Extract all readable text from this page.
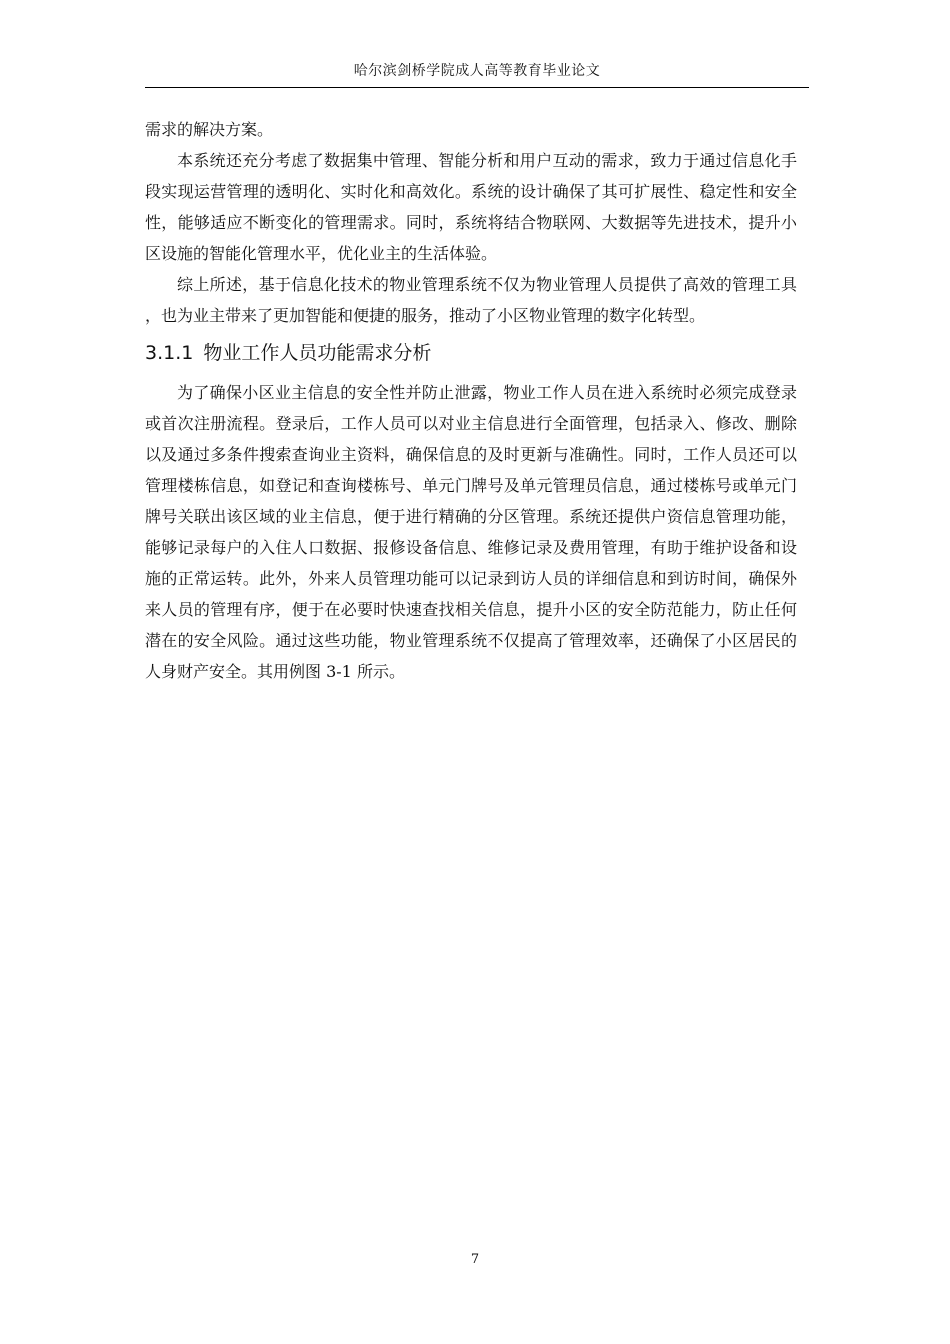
哈尔滨剑桥学院成人高等教育毕业论文

需求的解决方案。

本系统还充分考虑了数据集中管理、智能分析和用户互动的需求，致力于通过信息化手段实现运营管理的透明化、实时化和高效化。系统的设计确保了其可扩展性、稳定性和安全性，能够适应不断变化的管理需求。同时，系统将结合物联网、大数据等先进技术，提升小区设施的智能化管理水平，优化业主的生活体验。

综上所述，基于信息化技术的物业管理系统不仅为物业管理人员提供了高效的管理工具，也为业主带来了更加智能和便捷的服务，推动了小区物业管理的数字化转型。

3.1.1 物业工作人员功能需求分析

为了确保小区业主信息的安全性并防止泄露，物业工作人员在进入系统时必须完成登录或首次注册流程。登录后，工作人员可以对业主信息进行全面管理，包括录入、修改、删除以及通过多条件搜索查询业主资料，确保信息的及时更新与准确性。同时，工作人员还可以管理楼栋信息，如登记和查询楼栋号、单元门牌号及单元管理员信息，通过楼栋号或单元门牌号关联出该区域的业主信息，便于进行精确的分区管理。系统还提供户资信息管理功能，能够记录每户的入住人口数据、报修设备信息、维修记录及费用管理，有助于维护设备和设施的正常运转。此外，外来人员管理功能可以记录到访人员的详细信息和到访时间，确保外来人员的管理有序，便于在必要时快速查找相关信息，提升小区的安全防范能力，防止任何潜在的安全风险。通过这些功能，物业管理系统不仅提高了管理效率，还确保了小区居民的人身财产安全。其用例图 3-1 所示。

7
